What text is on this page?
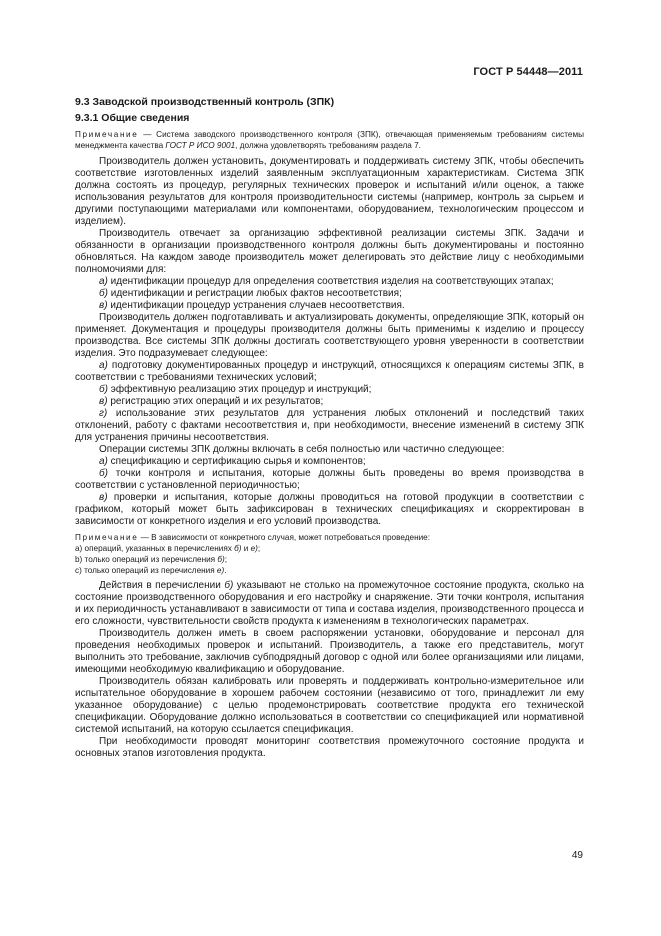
ГОСТ Р 54448—2011
9.3 Заводской производственный контроль (ЗПК)
9.3.1 Общие сведения

Примечание — Система заводского производственного контроля (ЗПК), отвечающая применяемым требованиям системы менеджмента качества ГОСТ Р ИСО 9001, должна удовлетворять требованиям раздела 7.

Производитель должен установить, документировать и поддерживать систему ЗПК, чтобы обеспечить соответствие изготовленных изделий заявленным эксплуатационным характеристикам. Система ЗПК должна состоять из процедур, регулярных технических проверок и испытаний и/или оценок, а также использования результатов для контроля производительности системы (например, контроль за сырьем и другими поступающими материалами или компонентами, оборудованием, технологическим процессом и изделием).

Производитель отвечает за организацию эффективной реализации системы ЗПК. Задачи и обязанности в организации производственного контроля должны быть документированы и постоянно обновляться. На каждом заводе производитель может делегировать это действие лицу с необходимыми полномочиями для:

а) идентификации процедур для определения соответствия изделия на соответствующих этапах;

б) идентификации и регистрации любых фактов несоответствия;

в) идентификации процедур устранения случаев несоответствия.

Производитель должен подготавливать и актуализировать документы, определяющие ЗПК, который он применяет. Документация и процедуры производителя должны быть применимы к изделию и процессу производства. Все системы ЗПК должны достигать соответствующего уровня уверенности в соответствии изделия. Это подразумевает следующее:

а) подготовку документированных процедур и инструкций, относящихся к операциям системы ЗПК, в соответствии с требованиями технических условий;

б) эффективную реализацию этих процедур и инструкций;

в) регистрацию этих операций и их результатов;

г) использование этих результатов для устранения любых отклонений и последствий таких отклонений, работу с фактами несоответствия и, при необходимости, внесение изменений в систему ЗПК для устранения причины несоответствия.

Операции системы ЗПК должны включать в себя полностью или частично следующее:

а) спецификацию и сертификацию сырья и компонентов;

б) точки контроля и испытания, которые должны быть проведены во время производства в соответствии с установленной периодичностью;

в) проверки и испытания, которые должны проводиться на готовой продукции в соответствии с графиком, который может быть зафиксирован в технических спецификациях и скорректирован в зависимости от конкретного изделия и его условий производства.

Примечание — В зависимости от конкретного случая, может потребоваться проведение:

а) операций, указанных в перечислениях б) и е);

b) только операций из перечисления б);

с) только операций из перечисления е).

Действия в перечислении б) указывают не столько на промежуточное состояние продукта, сколько на состояние производственного оборудования и его настройку и снаряжение. Эти точки контроля, испытания и их периодичность устанавливают в зависимости от типа и состава изделия, производственного процесса и его сложности, чувствительности свойств продукта к изменениям в технологических параметрах.

Производитель должен иметь в своем распоряжении установки, оборудование и персонал для проведения необходимых проверок и испытаний. Производитель, а также его представитель, могут выполнить это требование, заключив субподрядный договор с одной или более организациями или лицами, имеющими необходимую квалификацию и оборудование.

Производитель обязан калибровать или проверять и поддерживать контрольно-измерительное или испытательное оборудование в хорошем рабочем состоянии (независимо от того, принадлежит ли ему указанное оборудование) с целью продемонстрировать соответствие продукта его технической спецификации. Оборудование должно использоваться в соответствии со спецификацией или нормативной системой испытаний, на которую ссылается спецификация.

При необходимости проводят мониторинг соответствия промежуточного состояние продукта и основных этапов изготовления продукта.

49
